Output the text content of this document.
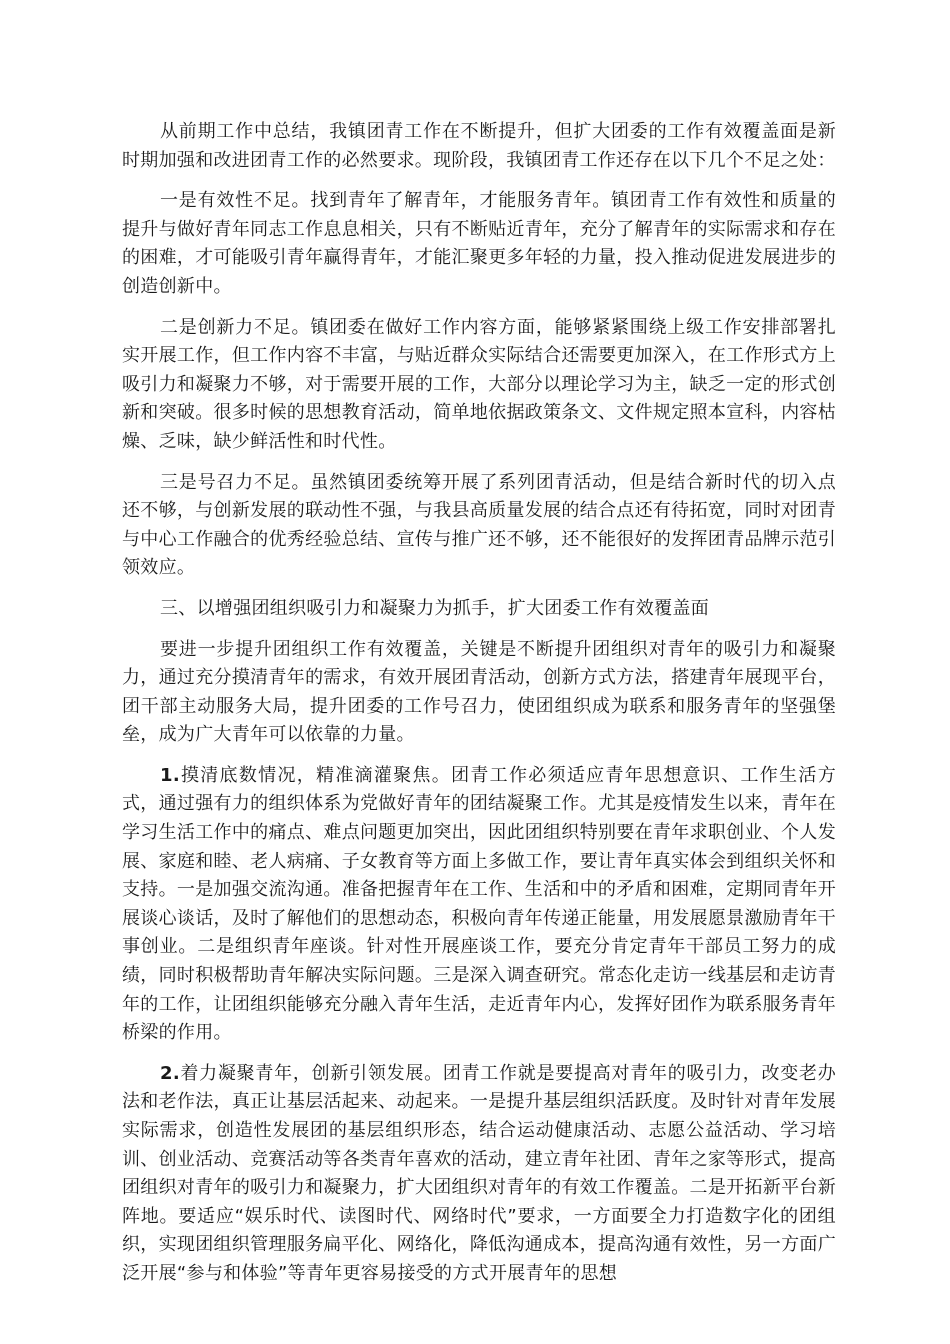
从前期工作中总结，我镇团青工作在不断提升，但扩大团委的工作有效覆盖面是新时期加强和改进团青工作的必然要求。现阶段，我镇团青工作还存在以下几个不足之处：

一是有效性不足。找到青年了解青年，才能服务青年。镇团青工作有效性和质量的提升与做好青年同志工作息息相关，只有不断贴近青年，充分了解青年的实际需求和存在的困难，才可能吸引青年赢得青年，才能汇聚更多年轻的力量，投入推动促进发展进步的创造创新中。

二是创新力不足。镇团委在做好工作内容方面，能够紧紧围绕上级工作安排部署扎实开展工作，但工作内容不丰富，与贴近群众实际结合还需要更加深入，在工作形式方上吸引力和凝聚力不够，对于需要开展的工作，大部分以理论学习为主，缺乏一定的形式创新和突破。很多时候的思想教育活动，简单地依据政策条文、文件规定照本宣科，内容枯燥、乏味，缺少鲜活性和时代性。

三是号召力不足。虽然镇团委统筹开展了系列团青活动，但是结合新时代的切入点还不够，与创新发展的联动性不强，与我县高质量发展的结合点还有待拓宽，同时对团青与中心工作融合的优秀经验总结、宣传与推广还不够，还不能很好的发挥团青品牌示范引领效应。

三、以增强团组织吸引力和凝聚力为抓手，扩大团委工作有效覆盖面

要进一步提升团组织工作有效覆盖，关键是不断提升团组织对青年的吸引力和凝聚力，通过充分摸清青年的需求，有效开展团青活动，创新方式方法，搭建青年展现平台，团干部主动服务大局，提升团委的工作号召力，使团组织成为联系和服务青年的坚强堡垒，成为广大青年可以依靠的力量。

1.摸清底数情况，精准滴灌聚焦。团青工作必须适应青年思想意识、工作生活方式，通过强有力的组织体系为党做好青年的团结凝聚工作。尤其是疫情发生以来，青年在学习生活工作中的痛点、难点问题更加突出，因此团组织特别要在青年求职创业、个人发展、家庭和睦、老人病痛、子女教育等方面上多做工作，要让青年真实体会到组织关怀和支持。一是加强交流沟通。准备把握青年在工作、生活和中的矛盾和困难，定期同青年开展谈心谈话，及时了解他们的思想动态，积极向青年传递正能量，用发展愿景激励青年干事创业。二是组织青年座谈。针对性开展座谈工作，要充分肯定青年干部员工努力的成绩，同时积极帮助青年解决实际问题。三是深入调查研究。常态化走访一线基层和走访青年的工作，让团组织能够充分融入青年生活，走近青年内心，发挥好团作为联系服务青年桥梁的作用。

2.着力凝聚青年，创新引领发展。团青工作就是要提高对青年的吸引力，改变老办法和老作法，真正让基层活起来、动起来。一是提升基层组织活跃度。及时针对青年发展实际需求，创造性发展团的基层组织形态，结合运动健康活动、志愿公益活动、学习培训、创业活动、竞赛活动等各类青年喜欢的活动，建立青年社团、青年之家等形式，提高团组织对青年的吸引力和凝聚力，扩大团组织对青年的有效工作覆盖。二是开拓新平台新阵地。要适应“娱乐时代、读图时代、网络时代”要求，一方面要全力打造数字化的团组织，实现团组织管理服务扁平化、网络化，降低沟通成本，提高沟通有效性，另一方面广泛开展“参与和体验”等青年更容易接受的方式开展青年的思想
